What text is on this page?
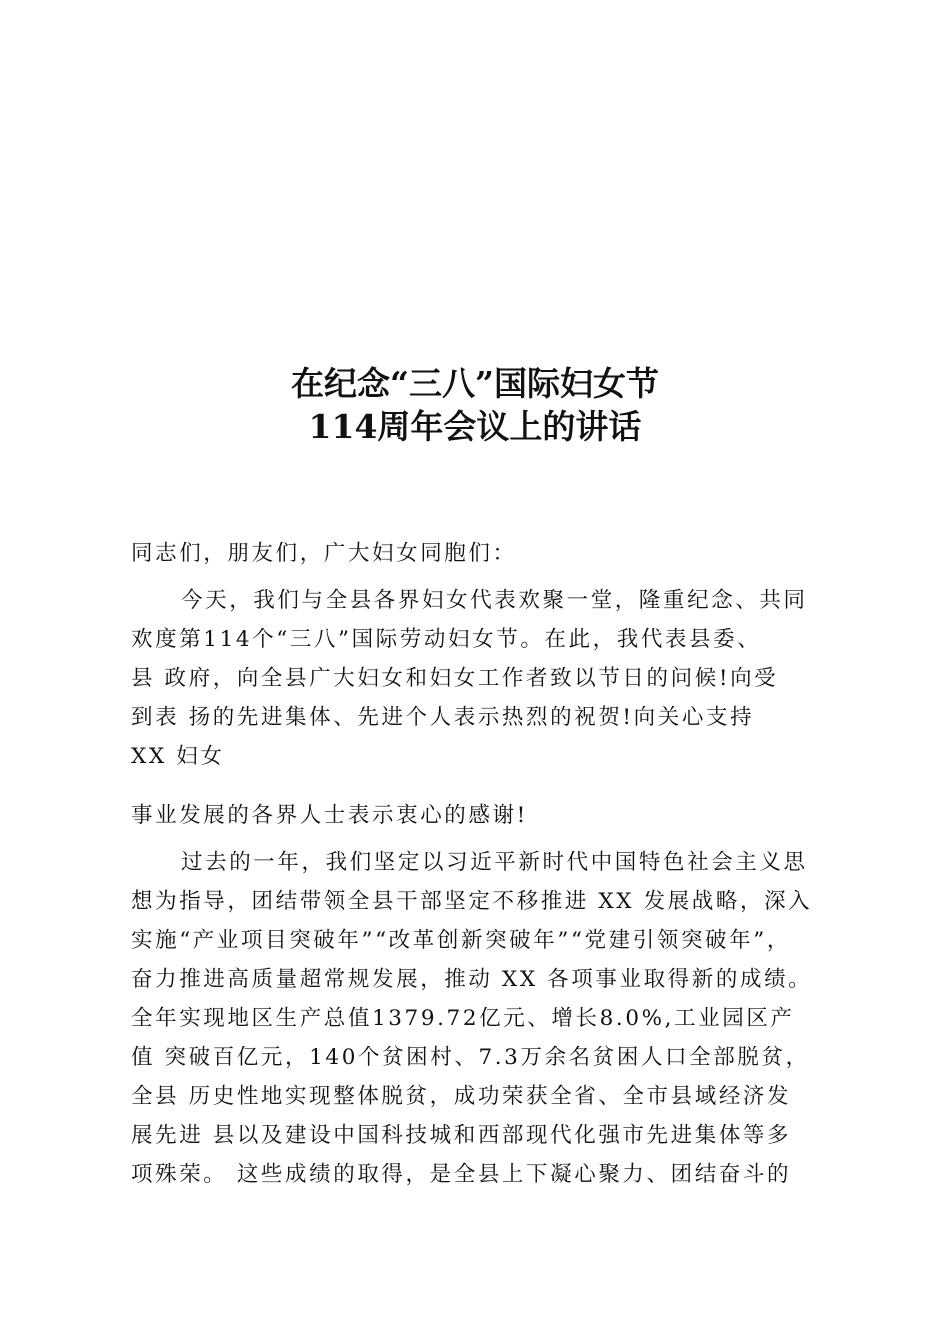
在纪念“三八”国际妇女节
114周年会议上的讲话
同志们，朋友们，广大妇女同胞们：
今天，我们与全县各界妇女代表欢聚一堂，隆重纪念、共同
欢度第114个“三八”国际劳动妇女节。在此，我代表县委、
县 政府，向全县广大妇女和妇女工作者致以节日的问候!向受
到表 扬的先进集体、先进个人表示热烈的祝贺!向关心支持
XX 妇女
事业发展的各界人士表示衷心的感谢!
过去的一年，我们坚定以习近平新时代中国特色社会主义思
想为指导，团结带领全县干部坚定不移推进 XX 发展战略，深入
实施“产业项目突破年”“改革创新突破年”“党建引领突破年”，
奋力推进高质量超常规发展，推动 XX 各项事业取得新的成绩。
全年实现地区生产总值1379.72亿元、增长8.0%,工业园区产
值 突破百亿元，140个贫困村、7.3万余名贫困人口全部脱贫，
全县 历史性地实现整体脱贫，成功荣获全省、全市县域经济发
展先进 县以及建设中国科技城和西部现代化强市先进集体等多
项殊荣。 这些成绩的取得，是全县上下凝心聚力、团结奋斗的
